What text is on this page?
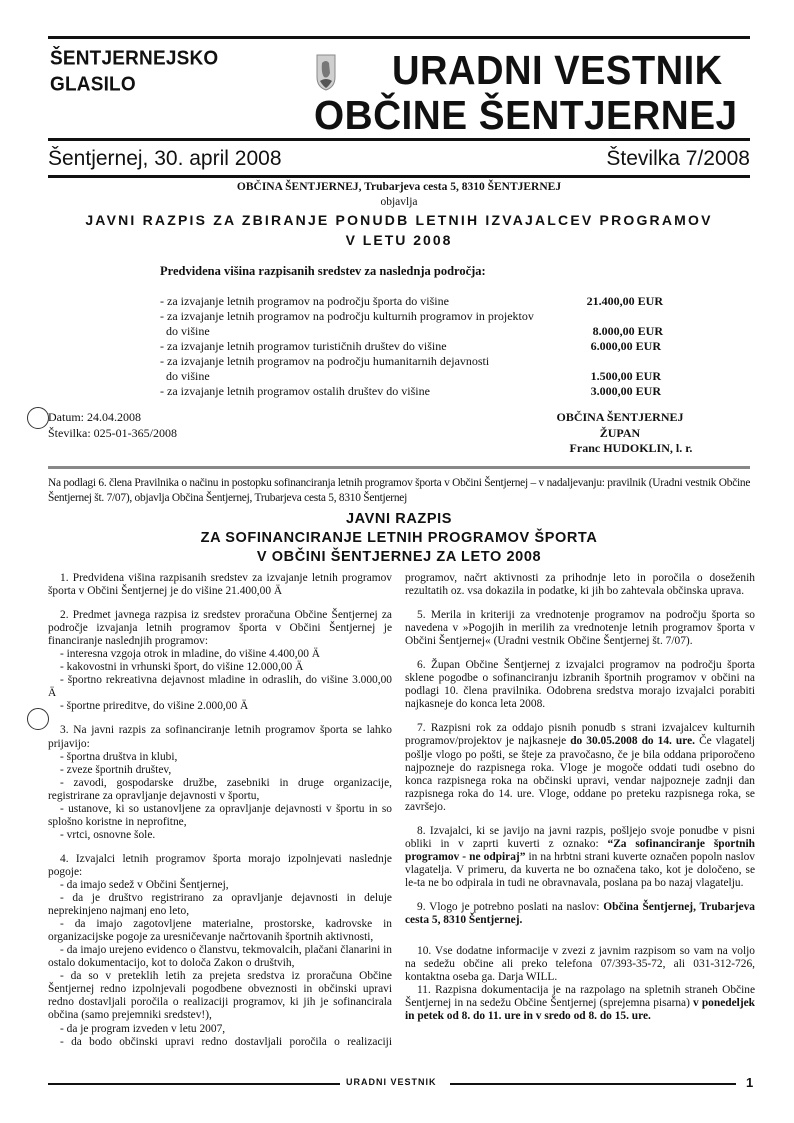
ŠENTJERNEJSKO
GLASILO	URADNI VESTNIK
OBČINE ŠENTJERNEJ
Šentjernej, 30. april 2008	Številka 7/2008
OBČINA ŠENTJERNEJ, Trubarjeva cesta 5, 8310 ŠENTJERNEJ
objavlja
JAVNI RAZPIS ZA ZBIRANJE PONUDB LETNIH IZVAJALCEV PROGRAMOV
V LETU 2008
Predvidena višina razpisanih sredstev za naslednja področja:
- za izvajanje letnih programov na področju športa do višine	21.400,00 EUR
- za izvajanje letnih programov na področju kulturnih programov in projektov
do višine	8.000,00 EUR
- za izvajanje letnih programov turističnih društev do višine	6.000,00 EUR
- za izvajanje letnih programov na področju humanitarnih dejavnosti
do višine	1.500,00 EUR
- za izvajanje letnih programov ostalih društev do višine	3.000,00 EUR
Datum: 24.04.2008
Številka: 025-01-365/2008
OBČINA ŠENTJERNEJ
ŽUPAN
Franc HUDOKLIN, l. r.
Na podlagi 6. člena Pravilnika o načinu in postopku sofinanciranja letnih programov športa v Občini Šentjernej – v nadaljevanju: pravilnik (Uradni vestnik Občine Šentjernej št. 7/07), objavlja Občina Šentjernej, Trubarjeva cesta 5, 8310 Šentjernej
JAVNI RAZPIS
ZA SOFINANCIRANJE LETNIH PROGRAMOV ŠPORTA
V OBČINI ŠENTJERNEJ ZA LETO 2008

1. Predvidena višina razpisanih sredstev za izvajanje letnih programov športa v Občini Šentjernej je do višine 21.400,00 Ä

2. Predmet javnega razpisa iz sredstev proračuna Občine Šentjernej za področje izvajanja letnih programov športa v Občini Šentjernej je financiranje naslednjih programov:

- interesna vzgoja otrok in mladine, do višine 4.400,00 Ä

- kakovostni in vrhunski šport, do višine 12.000,00 Ä

- športno rekreativna dejavnost mladine in odraslih, do višine 3.000,00 Ä

- športne prireditve, do višine 2.000,00 Ä

3. Na javni razpis za sofinanciranje letnih programov športa se lahko prijavijo:

- športna društva in klubi,

- zveze športnih društev,

- zavodi, gospodarske družbe, zasebniki in druge organizacije, registrirane za opravljanje dejavnosti v športu,

- ustanove, ki so ustanovljene za opravljanje dejavnosti v športu in so splošno koristne in neprofitne,

- vrtci, osnovne šole.

4. Izvajalci letnih programov športa morajo izpolnjevati naslednje pogoje:

- da imajo sedež v Občini Šentjernej,

- da je društvo registrirano za opravljanje dejavnosti in deluje neprekinjeno najmanj eno leto,

- da imajo zagotovljene materialne, prostorske, kadrovske in organizacijske pogoje za uresničevanje načrtovanih športnih aktivnosti,

- da imajo urejeno evidenco o članstvu, tekmovalcih, plačani članarini in ostalo dokumentacijo, kot to določa Zakon o društvih,

- da so v preteklih letih za prejeta sredstva iz proračuna Občine Šentjernej redno izpolnjevali pogodbene obveznosti in občinski upravi redno dostavljali poročila o realizaciji programov, ki jih je sofinancirala občina (samo prejemniki sredstev!),

- da je program izveden v letu 2007,

- da bodo občinski upravi redno dostavljali poročila o realizaciji

programov, načrt aktivnosti za prihodnje leto in poročila o doseženih rezultatih oz. vsa dokazila in podatke, ki jih bo zahtevala občinska uprava.

5. Merila in kriteriji za vrednotenje programov na področju športa so navedena v »Pogojih in merilih za vrednotenje letnih programov športa v Občini Šentjernej« (Uradni vestnik Občine Šentjernej št. 7/07).

6. Župan Občine Šentjernej z izvajalci programov na področju športa sklene pogodbe o sofinanciranju izbranih športnih programov v občini na podlagi 10. člena pravilnika. Odobrena sredstva morajo izvajalci porabiti najkasneje do konca leta 2008.

7. Razpisni rok za oddajo pisnih ponudb s strani izvajalcev kulturnih programov/projektov je najkasneje do 30.05.2008 do 14. ure. Če vlagatelj pošlje vlogo po pošti, se šteje za pravočasno, če je bila oddana priporočeno najpozneje do razpisnega roka. Vloge je mogoče oddati tudi osebno do konca razpisnega roka na občinski upravi, vendar najpozneje zadnji dan razpisnega roka do 14. ure. Vloge, oddane po preteku razpisnega roka, se završejo.

8. Izvajalci, ki se javijo na javni razpis, pošljejo svoje ponudbe v pisni obliki in v zaprti kuverti z oznako: “Za sofinanciranje športnih programov - ne odpiraj” in na hrbtni strani kuverte označen popoln naslov vlagatelja. V primeru, da kuverta ne bo označena tako, kot je določeno, se le-ta ne bo odpirala in tudi ne obravnavala, poslana pa bo nazaj vlagatelju.

9. Vlogo je potrebno poslati na naslov: Občina Šentjernej, Trubarjeva cesta 5, 8310 Šentjernej.

10. Vse dodatne informacije v zvezi z javnim razpisom so vam na voljo na sedežu občine ali preko telefona 07/393-35-72, ali 031-312-726, kontaktna oseba ga. Darja WILL.

11. Razpisna dokumentacija je na razpolago na spletnih straneh Občine Šentjernej in na sedežu Občine Šentjernej (sprejemna pisarna) v ponedeljek in petek od 8. do 11. ure in v sredo od 8. do 15. ure.

URADNI VESTNIK	1
